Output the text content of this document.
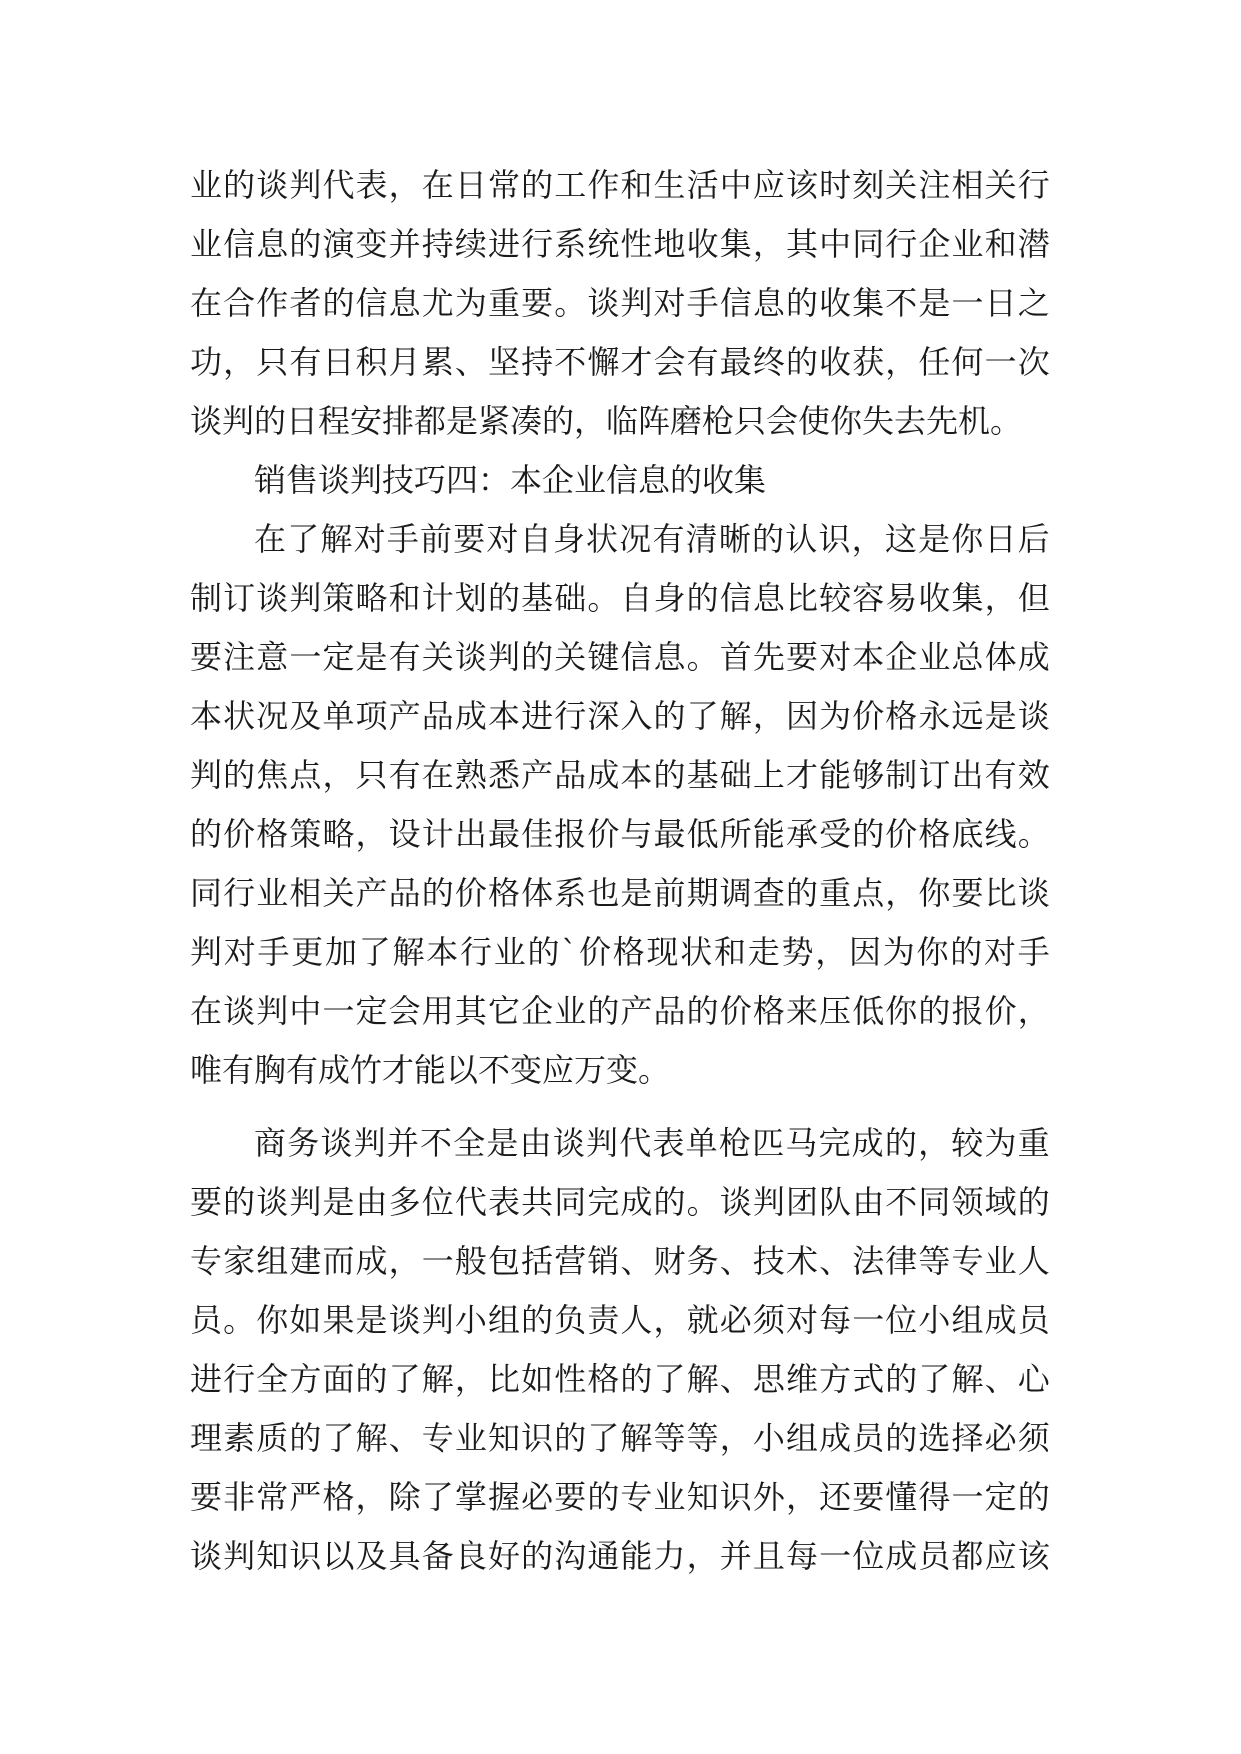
业 的 谈 判 代 表 ， 在 日 常 的 工 作 和 生 活 中 应 该 时 刻 关 注 相 关 行
业 信 息 的 演 变 并 持 续 进 行 系 统 性 地 收 集 ， 其 中 同 行 企 业 和 潜
在 合 作 者 的 信 息 尤 为 重 要 。 谈 判 对 手 信 息 的 收 集 不 是 一 日 之
功 ， 只 有 日 积 月 累 、 坚 持 不 懈 才 会 有 最 终 的 收 获 ， 任 何 一 次
谈判的日程安排都是紧凑的，临阵磨枪只会使你失去先机。
销售谈判技巧四：本企业信息的收集
在 了 解 对 手 前 要 对 自 身 状 况 有 清 晰 的 认 识 ， 这 是 你 日 后
制 订 谈 判 策 略 和 计 划 的 基 础 。 自 身 的 信 息 比 较 容 易 收 集 ， 但
要 注 意 一 定 是 有 关 谈 判 的 关 键 信 息 。 首 先 要 对 本 企 业 总 体 成
本 状 况 及 单 项 产 品 成 本 进 行 深 入 的 了 解 ， 因 为 价 格 永 远 是 谈
判 的 焦 点 ， 只 有 在 熟 悉 产 品 成 本 的 基 础 上 才 能 够 制 订 出 有 效
的 价 格 策 略 ， 设 计 出 最 佳 报 价 与 最 低 所 能 承 受 的 价 格 底 线 。
同 行 业 相 关 产 品 的 价 格 体 系 也 是 前 期 调 查 的 重 点 ， 你 要 比 谈
判 对 手 更 加 了 解 本 行 业 的 ` 价 格 现 状 和 走 势 ， 因 为 你 的 对 手
在 谈 判 中 一 定 会 用 其 它 企 业 的 产 品 的 价 格 来 压 低 你 的 报 价 ，
唯有胸有成竹才能以不变应万变。
商 务 谈 判 并 不 全 是 由 谈 判 代 表 单 枪 匹 马 完 成 的 ， 较 为 重
要 的 谈 判 是 由 多 位 代 表 共 同 完 成 的 。 谈 判 团 队 由 不 同 领 域 的
专 家 组 建 而 成 ， 一 般 包 括 营 销 、 财 务 、 技 术 、 法 律 等 专 业 人
员 。 你 如 果 是 谈 判 小 组 的 负 责 人 ， 就 必 须 对 每 一 位 小 组 成 员
进 行 全 方 面 的 了 解 ， 比 如 性 格 的 了 解 、 思 维 方 式 的 了 解 、 心
理 素 质 的 了 解 、 专 业 知 识 的 了 解 等 等 ， 小 组 成 员 的 选 择 必 须
要 非 常 严 格 ， 除 了 掌 握 必 要 的 专 业 知 识 外 ， 还 要 懂 得 一 定 的
谈 判 知 识 以 及 具 备 良 好 的 沟 通 能 力 ， 并 且 每 一 位 成 员 都 应 该
